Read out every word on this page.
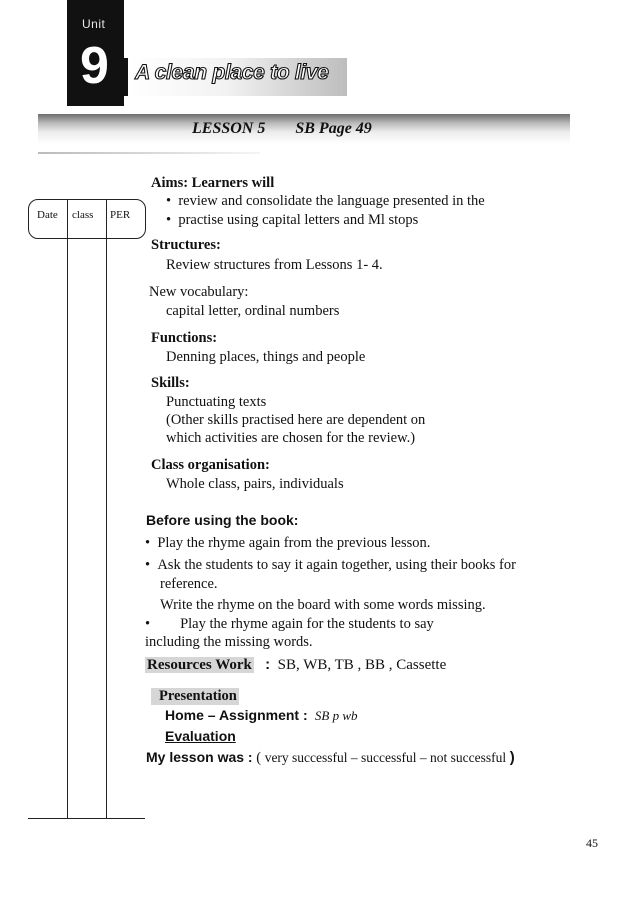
Unit
9 A clean place to live
LESSON 5 SB Page 49
Date class PER
Aims: Learners will
• review and consolidate the language presented in the
• practise using capital letters and Ml stops
Structures:
Review structures from Lessons 1- 4.
New vocabulary:
capital letter, ordinal numbers
Functions:
Denning places, things and people
Skills:
Punctuating texts
(Other skills practised here are dependent on
which activities are chosen for the review.)
Class organisation:
Whole class, pairs, individuals
Before using the book:
• Play the rhyme again from the previous lesson.
• Ask the students to say it again together, using their books for
reference.
Write the rhyme on the board with some words missing.
• Play the rhyme again for the students to say
including the missing words.
Resources Work : SB, WB, TB , BB , Cassette
Presentation
Home – Assignment : SB p wb
Evaluation
My lesson was : ( very successful – successful – not successful )
45
